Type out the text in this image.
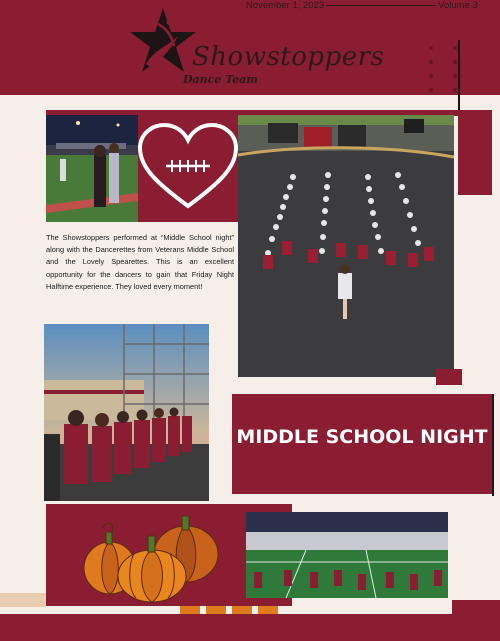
November 1, 2023	Volume 3
Showstoppers
Dance Team
The Showstoppers performed at “Middle School night” along with the Dancerettes from Veterans Middle School and the Lovely Spearettes. This is an excellent opportunity for the dancers to gain that Friday Night Halftime experience. They loved every moment!
MIDDLE SCHOOL NIGHT
